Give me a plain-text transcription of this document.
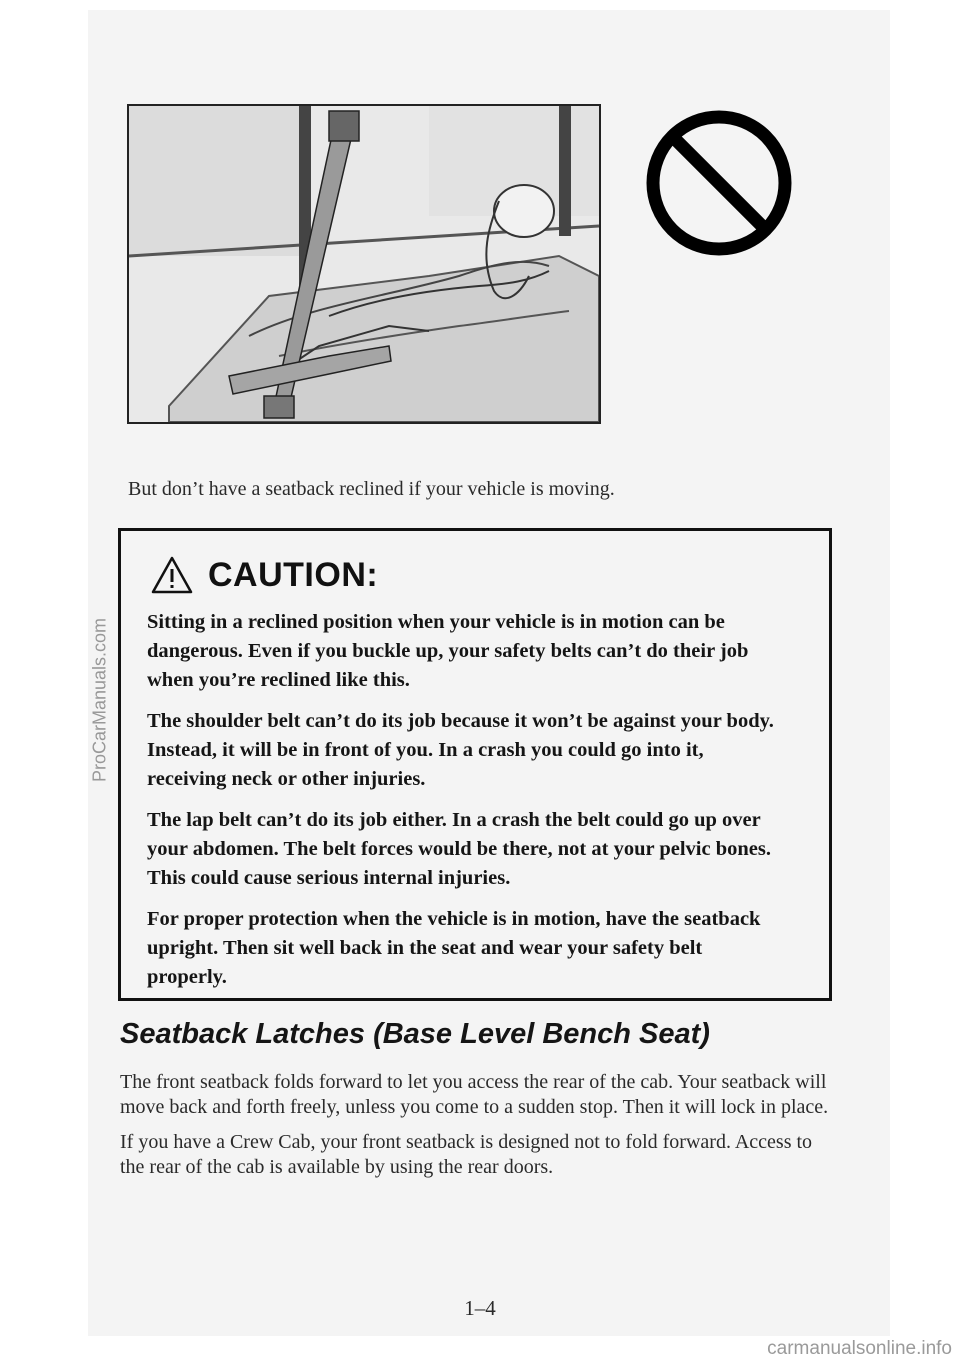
But don’t have a seatback reclined if your vehicle is moving.
CAUTION:

Sitting in a reclined position when your vehicle is in motion can be dangerous. Even if you buckle up, your safety belts can’t do their job when you’re reclined like this.

The shoulder belt can’t do its job because it won’t be against your body. Instead, it will be in front of you. In a crash you could go into it, receiving neck or other injuries.

The lap belt can’t do its job either. In a crash the belt could go up over your abdomen. The belt forces would be there, not at your pelvic bones. This could cause serious internal injuries.

For proper protection when the vehicle is in motion, have the seatback upright. Then sit well back in the seat and wear your safety belt properly.

Seatback Latches (Base Level Bench Seat)

The front seatback folds forward to let you access the rear of the cab. Your seatback will move back and forth freely, unless you come to a sudden stop. Then it will lock in place.

If you have a Crew Cab, your front seatback is designed not to fold forward. Access to the rear of the cab is available by using the rear doors.

1–4
ProCarManuals.com
carmanualsonline.info
